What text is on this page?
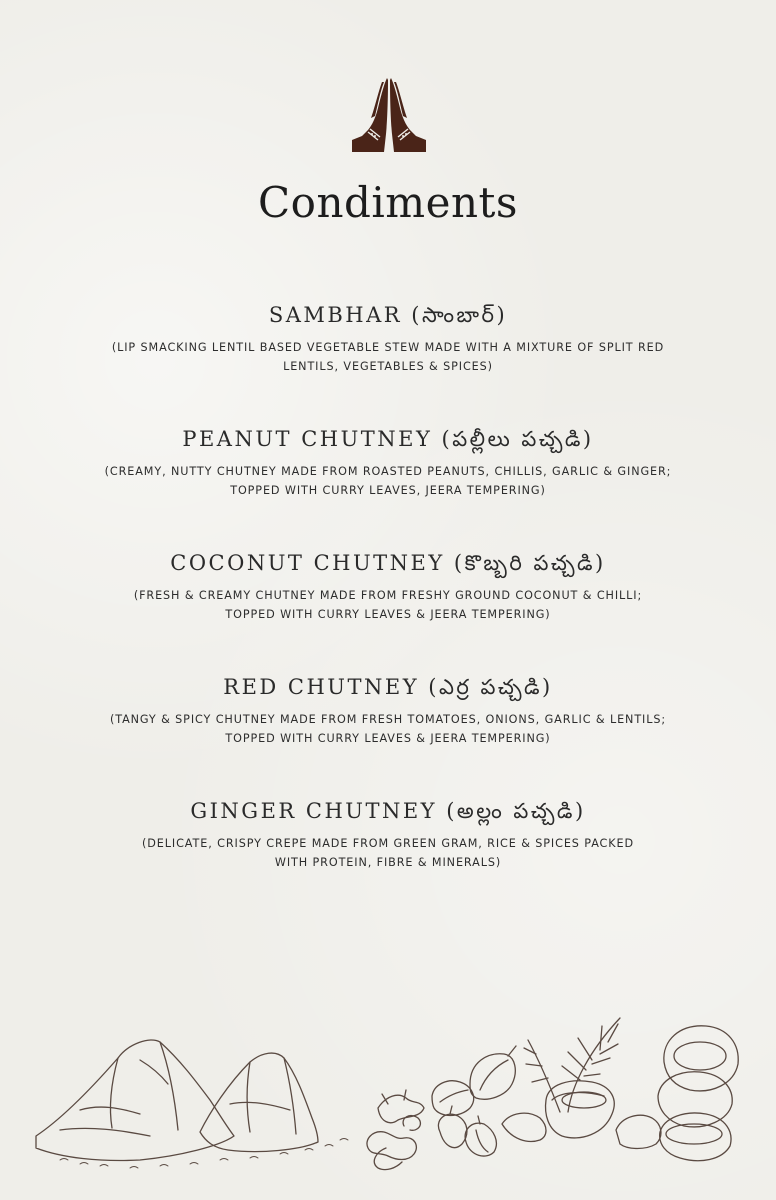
Condiments
SAMBHAR (సాంబార్)
(LIP SMACKING LENTIL BASED VEGETABLE STEW MADE WITH A MIXTURE OF SPLIT RED
LENTILS, VEGETABLES & SPICES)
PEANUT CHUTNEY (పల్లీలు పచ్చడి)
(CREAMY, NUTTY CHUTNEY MADE FROM ROASTED PEANUTS, CHILLIS, GARLIC & GINGER;
TOPPED WITH CURRY LEAVES, JEERA TEMPERING)
COCONUT CHUTNEY (కొబ్బరి పచ్చడి)
(FRESH & CREAMY CHUTNEY MADE FROM FRESHY GROUND COCONUT & CHILLI;
TOPPED WITH CURRY LEAVES & JEERA TEMPERING)
RED CHUTNEY (ఎర్ర పచ్చడి)
(TANGY & SPICY CHUTNEY MADE FROM FRESH TOMATOES, ONIONS, GARLIC & LENTILS;
TOPPED WITH CURRY LEAVES & JEERA TEMPERING)
GINGER CHUTNEY (అల్లం పచ్చడి)
(DELICATE, CRISPY CREPE MADE FROM GREEN GRAM, RICE & SPICES PACKED
WITH PROTEIN, FIBRE & MINERALS)
